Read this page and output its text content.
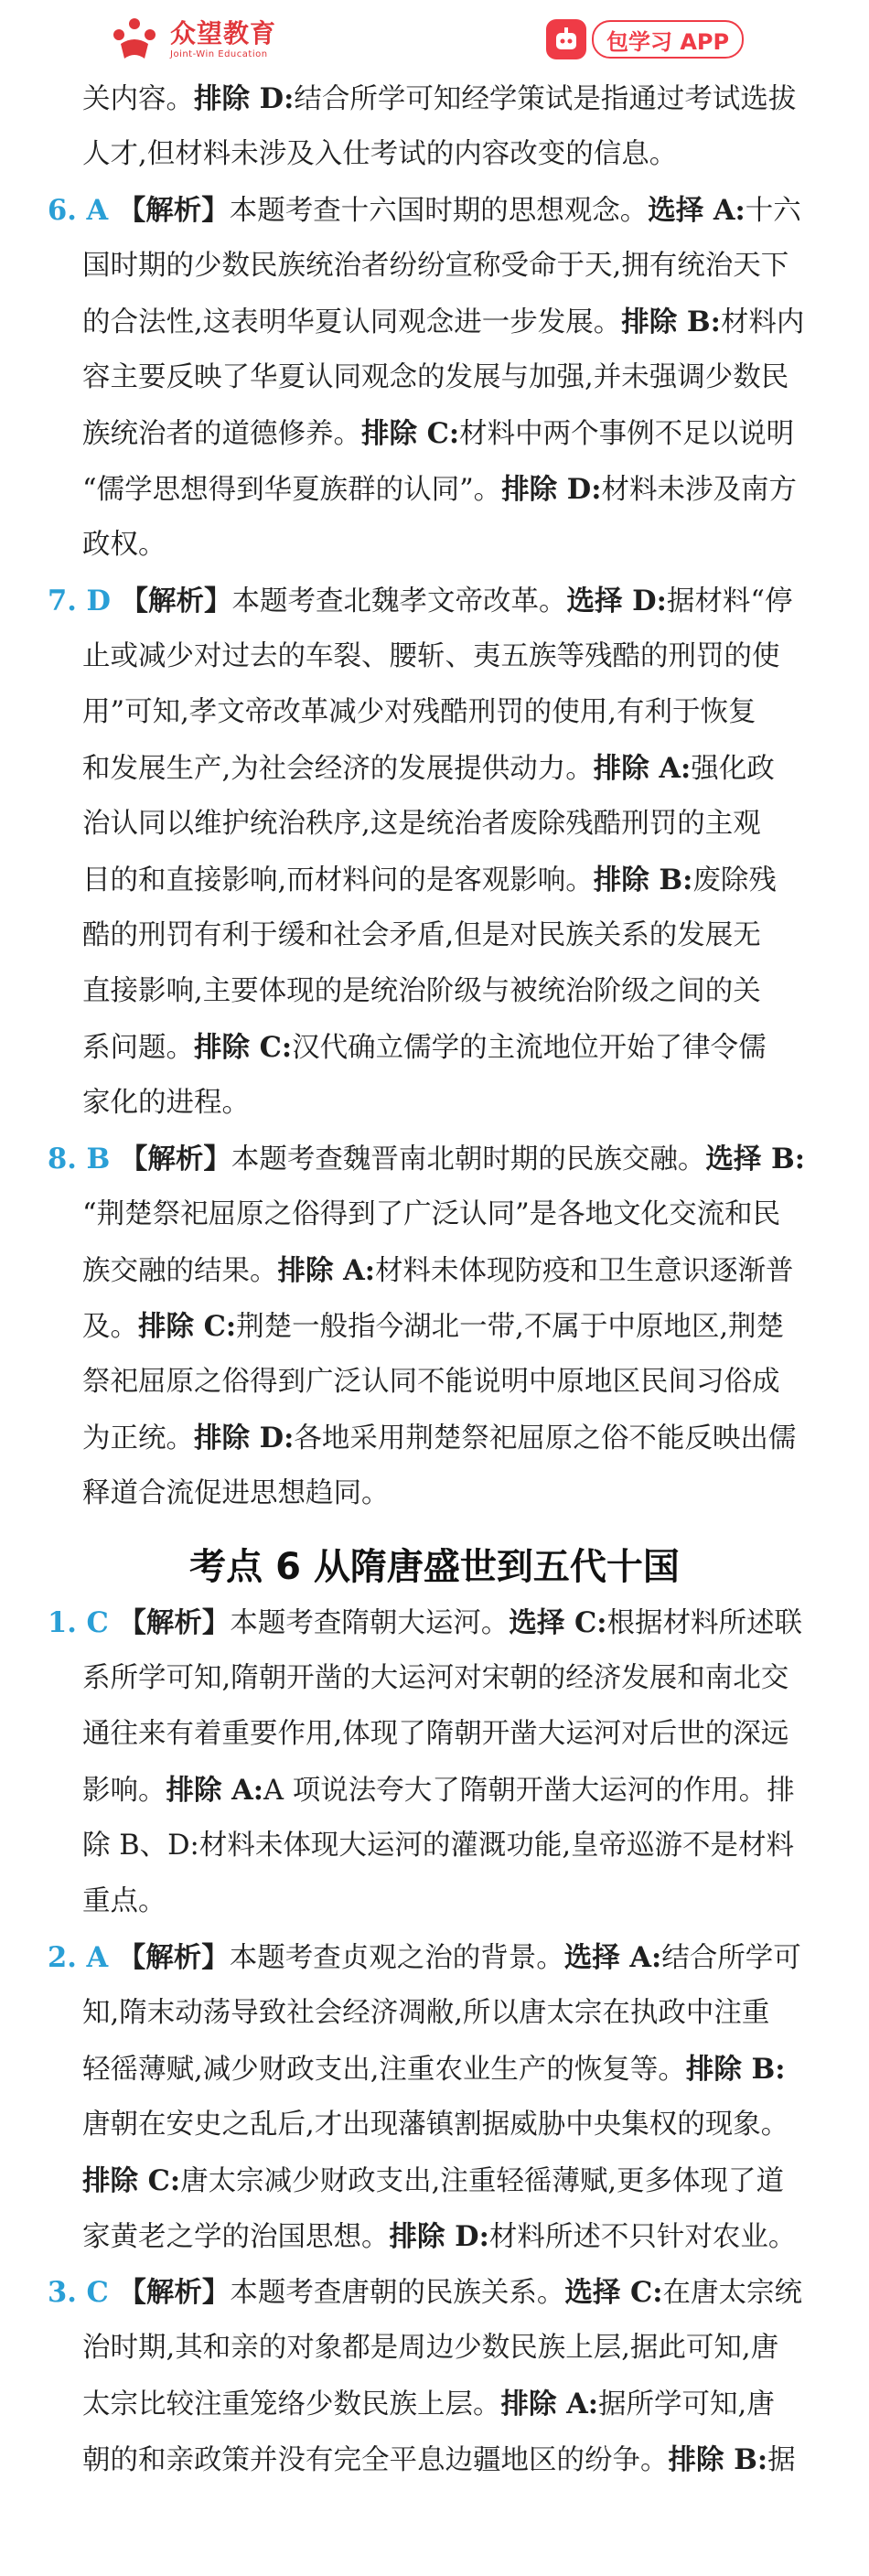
众望教育
Joint-Win Education	包学习 APP
关内容。排除 D:结合所学可知经学策试是指通过考试选拔
人才,但材料未涉及入仕考试的内容改变的信息。
6. A 【解析】本题考查十六国时期的思想观念。选择 A:十六
国时期的少数民族统治者纷纷宣称受命于天,拥有统治天下
的合法性,这表明华夏认同观念进一步发展。排除 B:材料内
容主要反映了华夏认同观念的发展与加强,并未强调少数民
族统治者的道德修养。排除 C:材料中两个事例不足以说明
“儒学思想得到华夏族群的认同”。排除 D:材料未涉及南方
政权。
7. D 【解析】本题考查北魏孝文帝改革。选择 D:据材料“停
止或减少对过去的车裂、腰斩、夷五族等残酷的刑罚的使
用”可知,孝文帝改革减少对残酷刑罚的使用,有利于恢复
和发展生产,为社会经济的发展提供动力。排除 A:强化政
治认同以维护统治秩序,这是统治者废除残酷刑罚的主观
目的和直接影响,而材料问的是客观影响。排除 B:废除残
酷的刑罚有利于缓和社会矛盾,但是对民族关系的发展无
直接影响,主要体现的是统治阶级与被统治阶级之间的关
系问题。排除 C:汉代确立儒学的主流地位开始了律令儒
家化的进程。
8. B 【解析】本题考查魏晋南北朝时期的民族交融。选择 B:
“荆楚祭祀屈原之俗得到了广泛认同”是各地文化交流和民
族交融的结果。排除 A:材料未体现防疫和卫生意识逐渐普
及。排除 C:荆楚一般指今湖北一带,不属于中原地区,荆楚
祭祀屈原之俗得到广泛认同不能说明中原地区民间习俗成
为正统。排除 D:各地采用荆楚祭祀屈原之俗不能反映出儒
释道合流促进思想趋同。
考点 6 从隋唐盛世到五代十国
1. C 【解析】本题考查隋朝大运河。选择 C:根据材料所述联
系所学可知,隋朝开凿的大运河对宋朝的经济发展和南北交
通往来有着重要作用,体现了隋朝开凿大运河对后世的深远
影响。排除 A:A 项说法夸大了隋朝开凿大运河的作用。排
除 B、D:材料未体现大运河的灌溉功能,皇帝巡游不是材料
重点。
2. A 【解析】本题考查贞观之治的背景。选择 A:结合所学可
知,隋末动荡导致社会经济凋敝,所以唐太宗在执政中注重
轻徭薄赋,减少财政支出,注重农业生产的恢复等。排除 B:
唐朝在安史之乱后,才出现藩镇割据威胁中央集权的现象。
排除 C:唐太宗减少财政支出,注重轻徭薄赋,更多体现了道
家黄老之学的治国思想。排除 D:材料所述不只针对农业。
3. C 【解析】本题考查唐朝的民族关系。选择 C:在唐太宗统
治时期,其和亲的对象都是周边少数民族上层,据此可知,唐
太宗比较注重笼络少数民族上层。排除 A:据所学可知,唐
朝的和亲政策并没有完全平息边疆地区的纷争。排除 B:据
